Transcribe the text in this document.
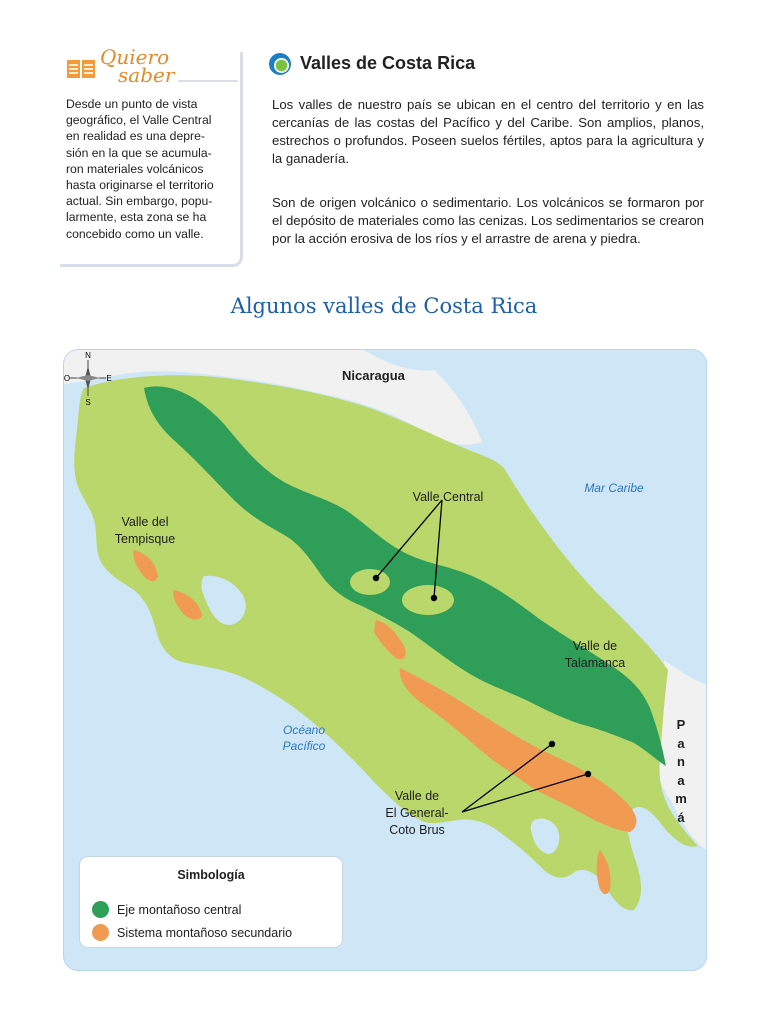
Quiero
saber
Desde un punto de vista
geográfico, el Valle Central
en realidad es una depre-
sión en la que se acumula-
ron materiales volcánicos
hasta originarse el territorio
actual. Sin embargo, popu-
larmente, esta zona se ha
concebido como un valle.
Valles de Costa Rica
Los valles de nuestro país se ubican en el centro del territorio y en las cercanías de las costas del Pacífico y del Caribe. Son amplios, planos, estrechos o profundos. Poseen suelos fértiles, aptos para la agricultura y la ganadería.
Son de origen volcánico o sedimentario. Los volcánicos se formaron por el depósito de materiales como las cenizas. Los sedimentarios se crearon por la acción erosiva de los ríos y el arrastre de arena y piedra.
Algunos valles de Costa Rica
N
S
E
O	Nicaragua
Mar Caribe
Océano
Pacífico
Valle del
Tempisque
Valle Central
Valle de
Talamanca
Valle de
El General-
Coto Brus
P
a
n
a
m
á
Simbología
Eje montañoso central
Sistema montañoso secundario
